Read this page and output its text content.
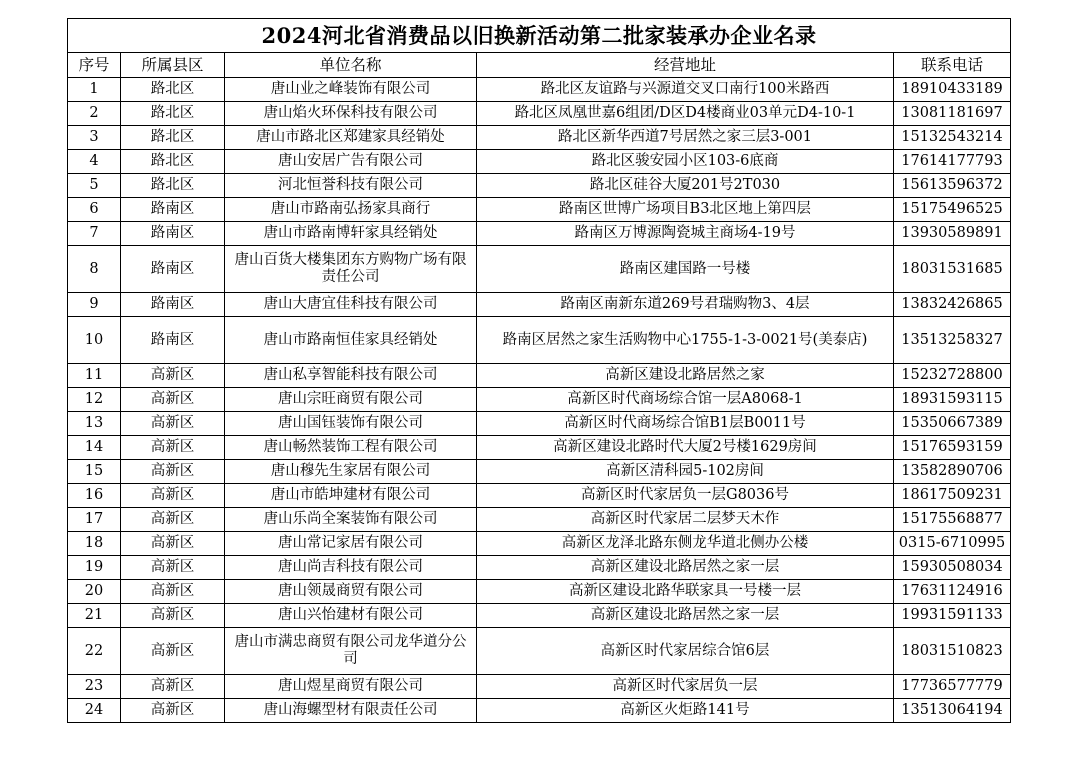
2024河北省消费品以旧换新活动第二批家装承办企业名录				
序号	所属县区	单位名称	经营地址	联系电话
1	路北区	唐山业之峰装饰有限公司	路北区友谊路与兴源道交叉口南行100米路西	18910433189
2	路北区	唐山焰火环保科技有限公司	路北区凤凰世嘉6组团/D区D4楼商业03单元D4-10-1	13081181697
3	路北区	唐山市路北区郑建家具经销处	路北区新华西道7号居然之家三层3-001	15132543214
4	路北区	唐山安居广告有限公司	路北区骏安园小区103-6底商	17614177793
5	路北区	河北恒誉科技有限公司	路北区硅谷大厦201号2T030	15613596372
6	路南区	唐山市路南弘扬家具商行	路南区世博广场项目B3北区地上第四层	15175496525
7	路南区	唐山市路南博轩家具经销处	路南区万博源陶瓷城主商场4-19号	13930589891
8	路南区	唐山百货大楼集团东方购物广场有限责任公司	路南区建国路一号楼	18031531685
9	路南区	唐山大唐宜佳科技有限公司	路南区南新东道269号君瑞购物3、4层	13832426865
10	路南区	唐山市路南恒佳家具经销处	路南区居然之家生活购物中心1755-1-3-0021号(美泰店)	13513258327
11	高新区	唐山私享智能科技有限公司	高新区建设北路居然之家	15232728800
12	高新区	唐山宗旺商贸有限公司	高新区时代商场综合馆一层A8068-1	18931593115
13	高新区	唐山国钰装饰有限公司	高新区时代商场综合馆B1层B0011号	15350667389
14	高新区	唐山畅然装饰工程有限公司	高新区建设北路时代大厦2号楼1629房间	15176593159
15	高新区	唐山穆先生家居有限公司	高新区清科园5-102房间	13582890706
16	高新区	唐山市皓坤建材有限公司	高新区时代家居负一层G8036号	18617509231
17	高新区	唐山乐尚全案装饰有限公司	高新区时代家居二层梦天木作	15175568877
18	高新区	唐山常记家居有限公司	高新区龙泽北路东侧龙华道北侧办公楼	0315-6710995
19	高新区	唐山尚吉科技有限公司	高新区建设北路居然之家一层	15930508034
20	高新区	唐山领晟商贸有限公司	高新区建设北路华联家具一号楼一层	17631124916
21	高新区	唐山兴怡建材有限公司	高新区建设北路居然之家一层	19931591133
22	高新区	唐山市满忠商贸有限公司龙华道分公司	高新区时代家居综合馆6层	18031510823
23	高新区	唐山煜星商贸有限公司	高新区时代家居负一层	17736577779
24	高新区	唐山海螺型材有限责任公司	高新区火炬路141号	13513064194
